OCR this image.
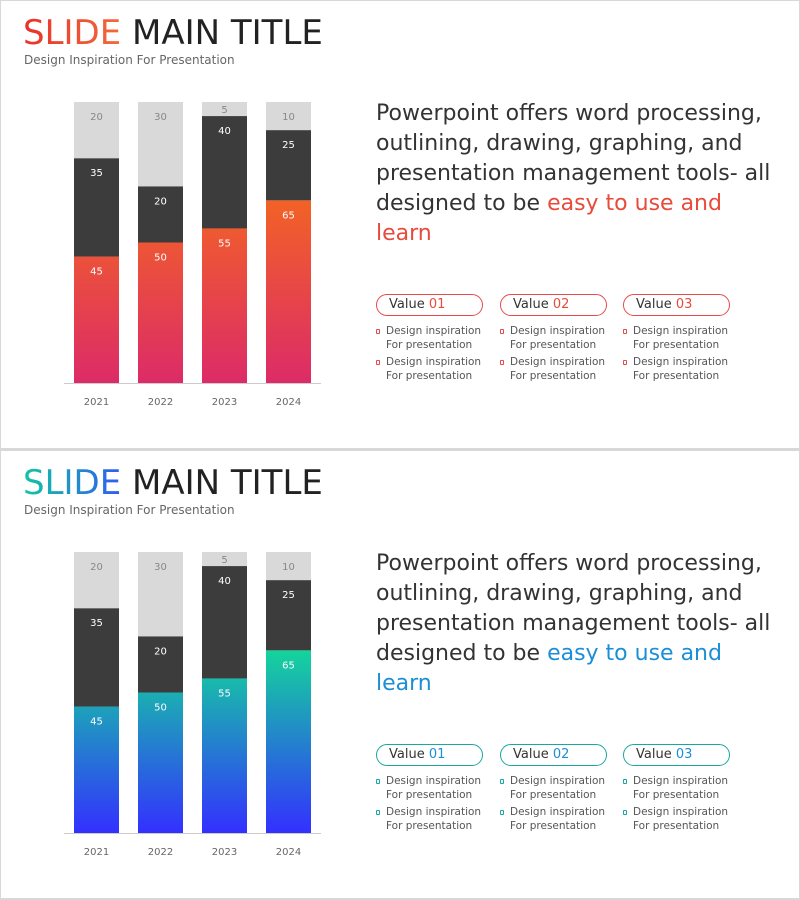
SLIDE MAIN TITLE
Design Inspiration For Presentation
45
35
20
2021
50
20
30
2022
55
40
5
2023
65
25
10
2024

Powerpoint offers word processing, outlining, drawing, graphing, and presentation management tools- all designed to be easy to use and learn

Value 01
Design inspiration
For presentation
Design inspiration
For presentation
Value 02
Design inspiration
For presentation
Design inspiration
For presentation
Value 03
Design inspiration
For presentation
Design inspiration
For presentation
SLIDE MAIN TITLE
Design Inspiration For Presentation
45
35
20
2021
50
20
30
2022
55
40
5
2023
65
25
10
2024

Powerpoint offers word processing, outlining, drawing, graphing, and presentation management tools- all designed to be easy to use and learn

Value 01
Design inspiration
For presentation
Design inspiration
For presentation
Value 02
Design inspiration
For presentation
Design inspiration
For presentation
Value 03
Design inspiration
For presentation
Design inspiration
For presentation
